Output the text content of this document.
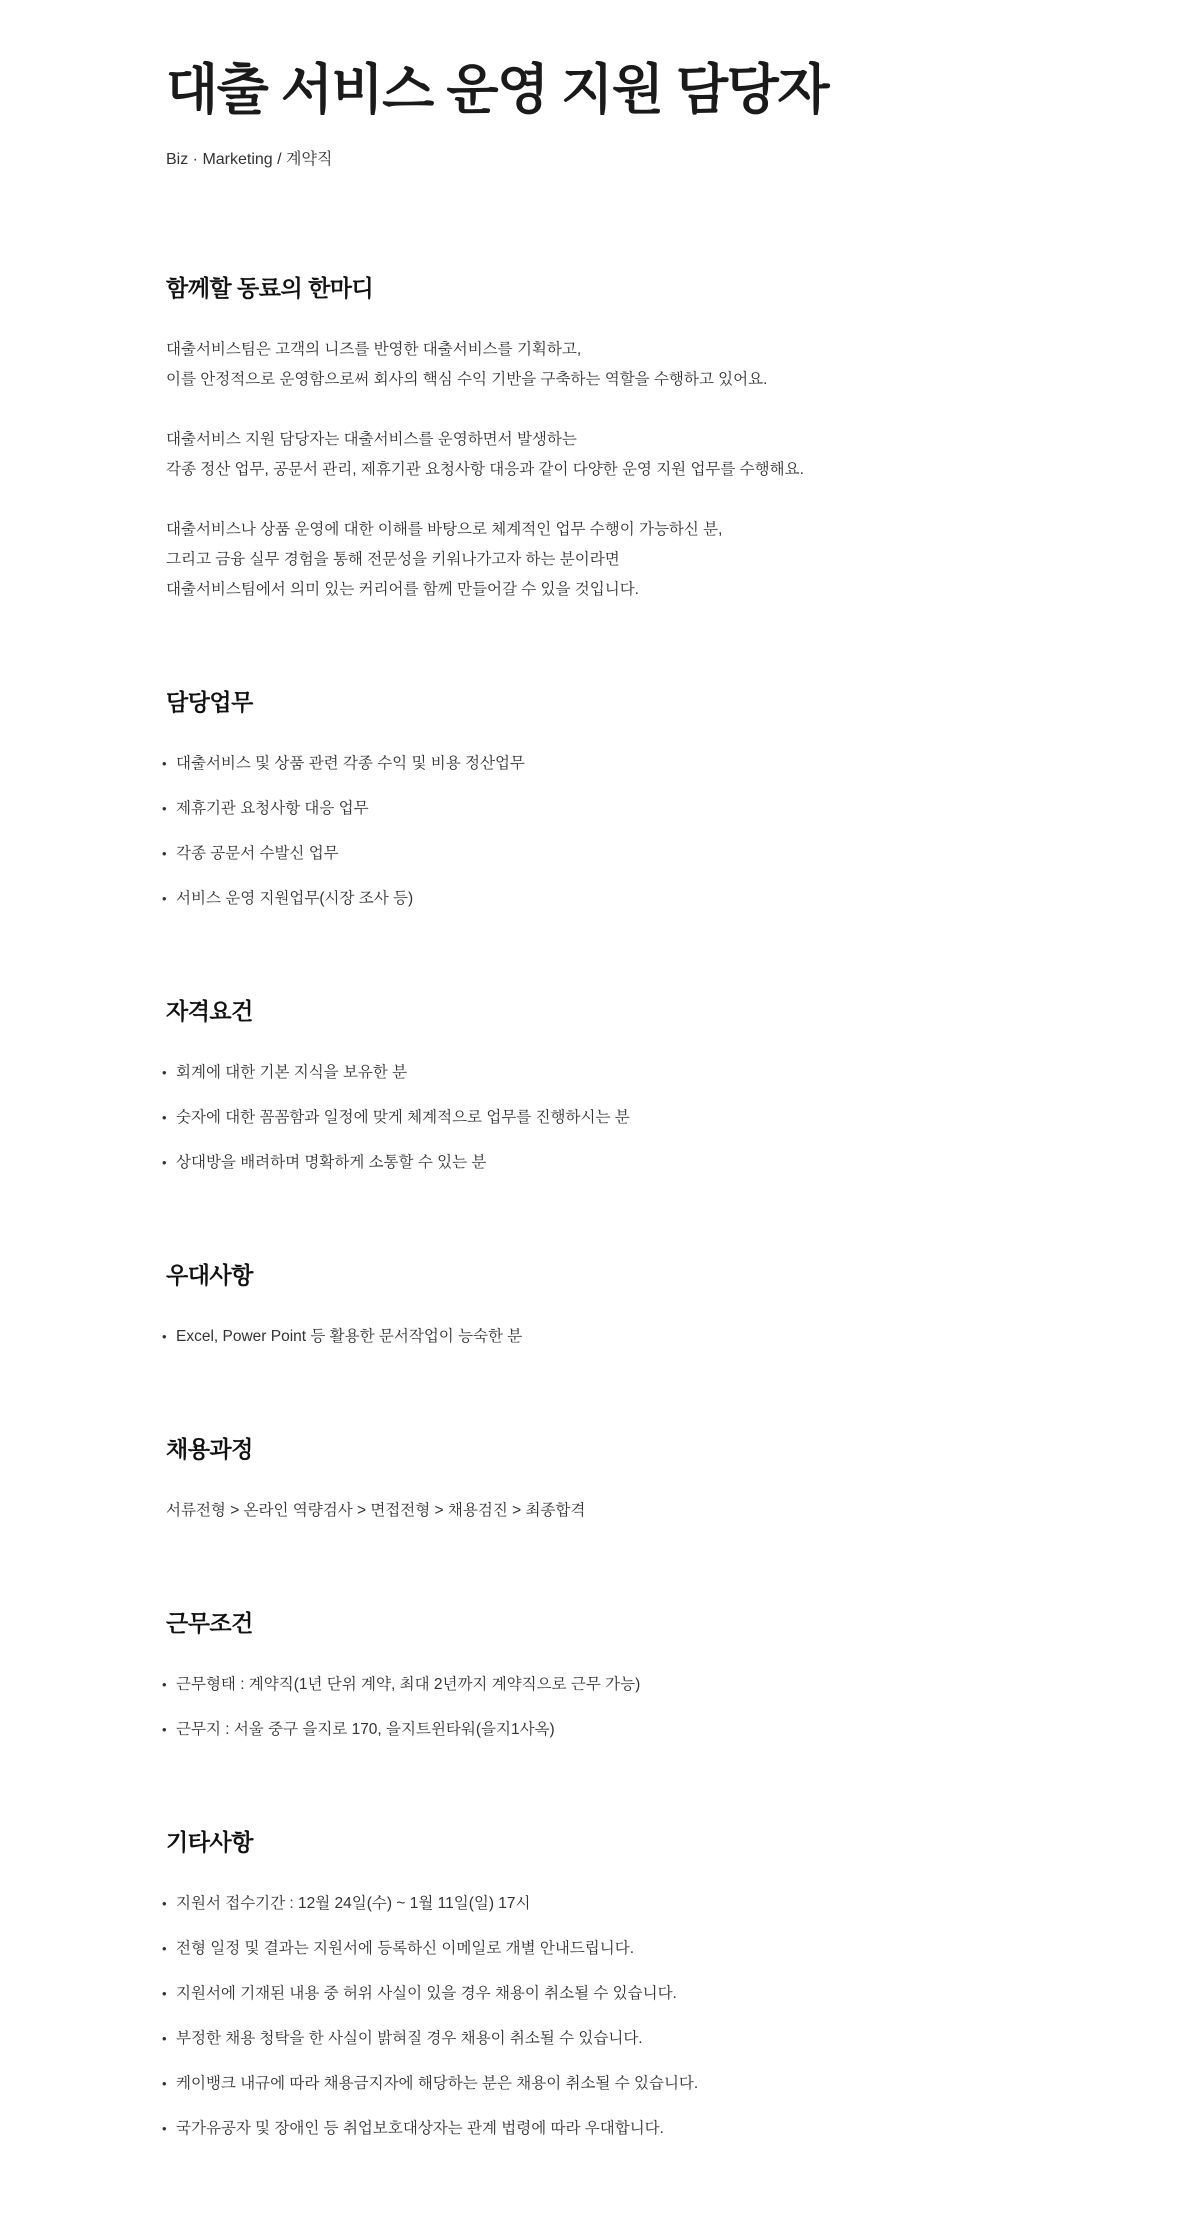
대출 서비스 운영 지원 담당자

Biz · Marketing / 계약직

함께할 동료의 한마디

대출서비스팀은 고객의 니즈를 반영한 대출서비스를 기획하고,

이를 안정적으로 운영함으로써 회사의 핵심 수익 기반을 구축하는 역할을 수행하고 있어요.

대출서비스 지원 담당자는 대출서비스를 운영하면서 발생하는

각종 정산 업무, 공문서 관리, 제휴기관 요청사항 대응과 같이 다양한 운영 지원 업무를 수행해요.

대출서비스나 상품 운영에 대한 이해를 바탕으로 체계적인 업무 수행이 가능하신 분,

그리고 금융 실무 경험을 통해 전문성을 키워나가고자 하는 분이라면

대출서비스팀에서 의미 있는 커리어를 함께 만들어갈 수 있을 것입니다.

담당업무
• 대출서비스 및 상품 관련 각종 수익 및 비용 정산업무
• 제휴기관 요청사항 대응 업무
• 각종 공문서 수발신 업무
• 서비스 운영 지원업무(시장 조사 등)
자격요건
• 회계에 대한 기본 지식을 보유한 분
• 숫자에 대한 꼼꼼함과 일정에 맞게 체계적으로 업무를 진행하시는 분
• 상대방을 배려하며 명확하게 소통할 수 있는 분
우대사항
• Excel, Power Point 등 활용한 문서작업이 능숙한 분
채용과정

서류전형 > 온라인 역량검사 > 면접전형 > 채용검진 > 최종합격

근무조건
• 근무형태 : 계약직(1년 단위 계약, 최대 2년까지 계약직으로 근무 가능)
• 근무지 : 서울 중구 을지로 170, 을지트윈타워(을지1사옥)
기타사항
• 지원서 접수기간 : 12월 24일(수) ~ 1월 11일(일) 17시
• 전형 일정 및 결과는 지원서에 등록하신 이메일로 개별 안내드립니다.
• 지원서에 기재된 내용 중 허위 사실이 있을 경우 채용이 취소될 수 있습니다.
• 부정한 채용 청탁을 한 사실이 밝혀질 경우 채용이 취소될 수 있습니다.
• 케이뱅크 내규에 따라 채용금지자에 해당하는 분은 채용이 취소될 수 있습니다.
• 국가유공자 및 장애인 등 취업보호대상자는 관계 법령에 따라 우대합니다.
